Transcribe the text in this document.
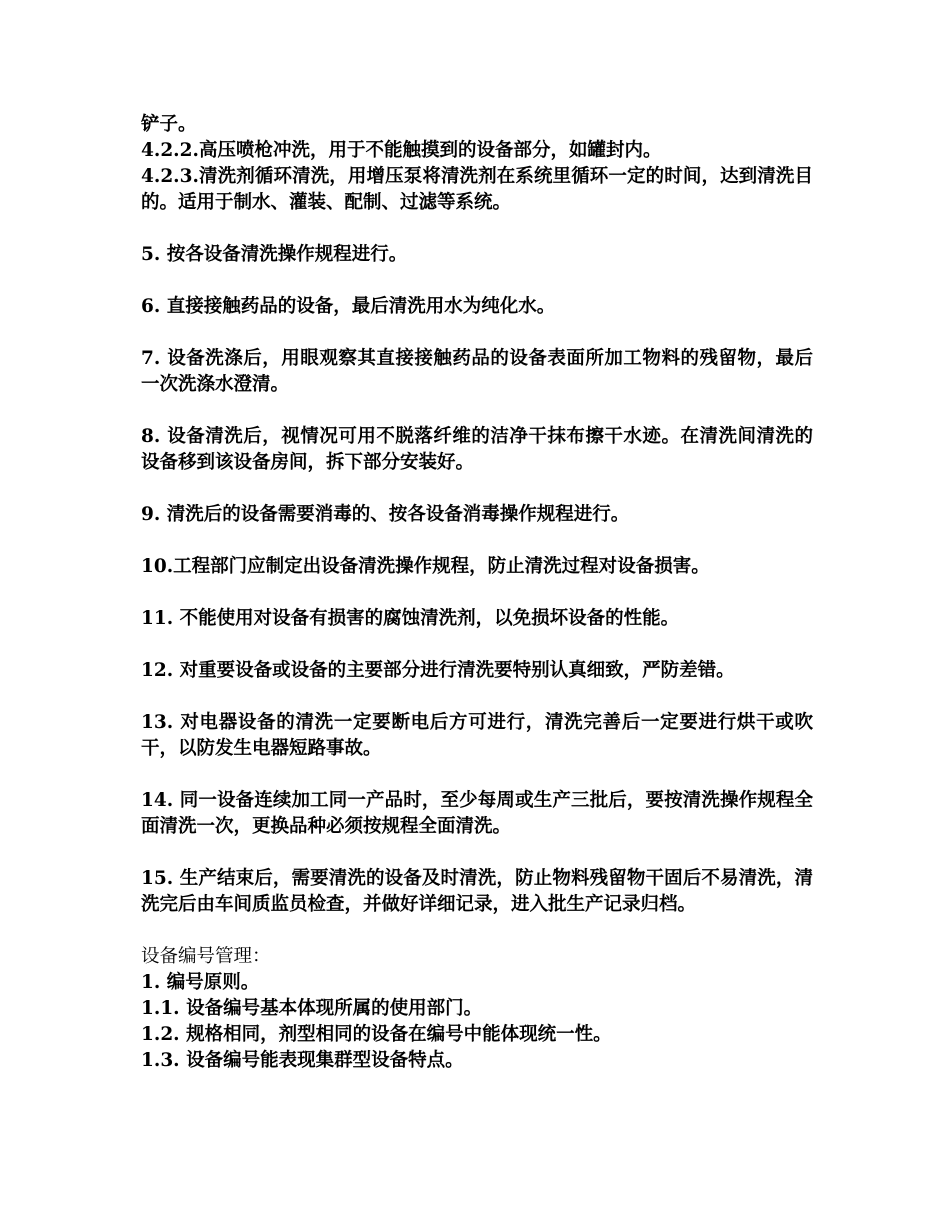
铲子。

4.2.2.高压喷枪冲洗，用于不能触摸到的设备部分，如罐封内。

4.2.3.清洗剂循环清洗，用增压泵将清洗剂在系统里循环一定的时间，达到清洗目的。适用于制水、灌装、配制、过滤等系统。

5. 按各设备清洗操作规程进行。

6. 直接接触药品的设备，最后清洗用水为纯化水。

7. 设备洗涤后，用眼观察其直接接触药品的设备表面所加工物料的残留物，最后一次洗涤水澄清。

8. 设备清洗后，视情况可用不脱落纤维的洁净干抹布擦干水迹。在清洗间清洗的设备移到该设备房间，拆下部分安装好。

9. 清洗后的设备需要消毒的、按各设备消毒操作规程进行。

10.工程部门应制定出设备清洗操作规程，防止清洗过程对设备损害。

11. 不能使用对设备有损害的腐蚀清洗剂，以免损坏设备的性能。

12. 对重要设备或设备的主要部分进行清洗要特别认真细致，严防差错。

13. 对电器设备的清洗一定要断电后方可进行，清洗完善后一定要进行烘干或吹干，以防发生电器短路事故。

14. 同一设备连续加工同一产品时，至少每周或生产三批后，要按清洗操作规程全面清洗一次，更换品种必须按规程全面清洗。

15. 生产结束后，需要清洗的设备及时清洗，防止物料残留物干固后不易清洗，清洗完后由车间质监员检查，并做好详细记录，进入批生产记录归档。

设备编号管理：

1. 编号原则。

1.1. 设备编号基本体现所属的使用部门。

1.2. 规格相同，剂型相同的设备在编号中能体现统一性。

1.3. 设备编号能表现集群型设备特点。
